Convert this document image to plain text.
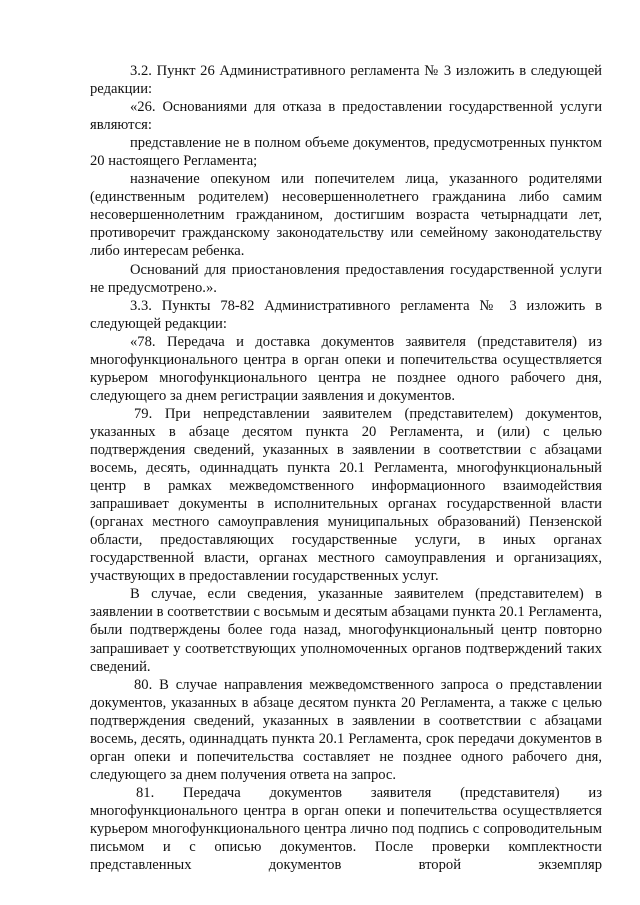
3.2. Пункт 26 Административного регламента № 3 изложить в следующей редакции:

«26. Основаниями для отказа в предоставлении государственной услуги являются:

представление не в полном объеме документов, предусмотренных пунктом 20 настоящего Регламента;

назначение опекуном или попечителем лица, указанного родителями (единственным родителем) несовершеннолетнего гражданина либо самим несовершеннолетним гражданином, достигшим возраста четырнадцати лет, противоречит гражданскому законодательству или семейному законодательству либо интересам ребенка.

Оснований для приостановления предоставления государственной услуги не предусмотрено.».

3.3. Пункты 78-82 Административного регламента № 3 изложить в следующей редакции:

«78. Передача и доставка документов заявителя (представителя) из многофункционального центра в орган опеки и попечительства осуществляется курьером многофункционального центра не позднее одного рабочего дня, следующего за днем регистрации заявления и документов.

79. При непредставлении заявителем (представителем) документов, указанных в абзаце десятом пункта 20 Регламента, и (или) с целью подтверждения сведений, указанных в заявлении в соответствии с абзацами восемь, десять, одиннадцать пункта 20.1 Регламента, многофункциональный центр в рамках межведомственного информационного взаимодействия запрашивает документы в исполнительных органах государственной власти (органах местного самоуправления муниципальных образований) Пензенской области, предоставляющих государственные услуги, в иных органах государственной власти, органах местного самоуправления и организациях, участвующих в предоставлении государственных услуг.

В случае, если сведения, указанные заявителем (представителем) в заявлении в соответствии с восьмым и десятым абзацами пункта 20.1 Регламента, были подтверждены более года назад, многофункциональный центр повторно запрашивает у соответствующих уполномоченных органов подтверждений таких сведений.

80. В случае направления межведомственного запроса о представлении документов, указанных в абзаце десятом пункта 20 Регламента, а также с целью подтверждения сведений, указанных в заявлении в соответствии с абзацами восемь, десять, одиннадцать пункта 20.1 Регламента, срок передачи документов в орган опеки и попечительства составляет не позднее одного рабочего дня, следующего за днем получения ответа на запрос.

81. Передача документов заявителя (представителя) из многофункционального центра в орган опеки и попечительства осуществляется курьером многофункционального центра лично под подпись с сопроводительным письмом и с описью документов. После проверки комплектности представленных документов второй экземпляр
